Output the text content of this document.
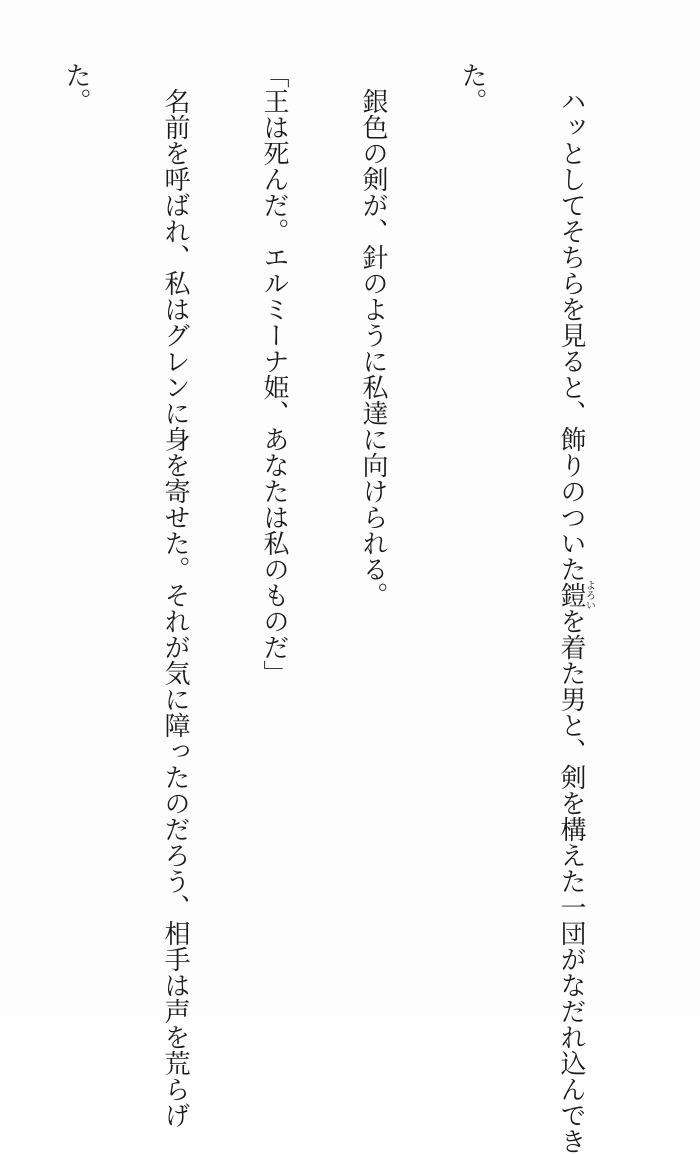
　ハッとしてそちらを見ると、飾りのついた鎧よろいを着た男と、剣を構えた一団がなだれ込んでき

た。

　銀色の剣が、針のように私達に向けられる。

「王は死んだ。エルミーナ姫、あなたは私のものだ」

　名前を呼ばれ、私はグレンに身を寄せた。それが気に障ったのだろう、相手は声を荒らげ

た。
